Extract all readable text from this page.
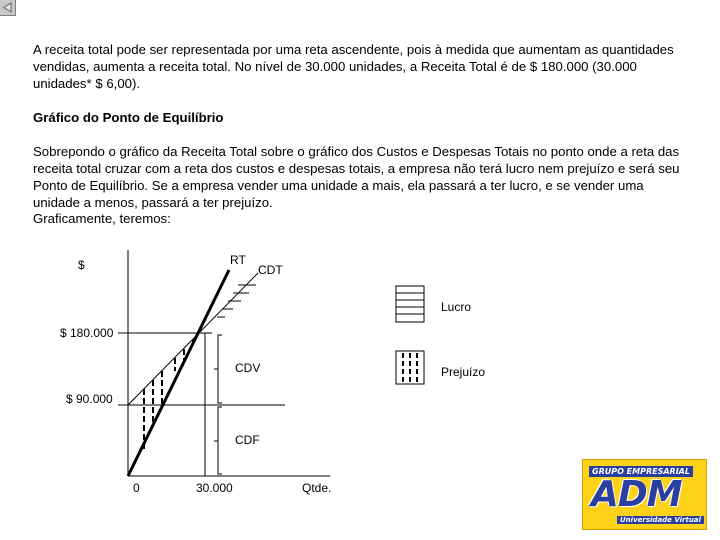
A receita total pode ser representada por uma reta ascendente, pois à medida que aumentam as quantidades vendidas, aumenta a receita total. No nível de 30.000 unidades, a Receita Total é de $ 180.000 (30.000 unidades* $ 6,00).

Gráfico do Ponto de Equilíbrio

Sobrepondo o gráfico da Receita Total sobre o gráfico dos Custos e Despesas Totais no ponto onde a reta das receita total cruzar com a reta dos custos e despesas totais, a empresa não terá lucro nem prejuízo e será seu Ponto de Equilíbrio. Se a empresa vender uma unidade a mais, ela passará a ter lucro, e se vender uma unidade a menos, passará a ter prejuízo.

Graficamente, teremos:

$	RT
CDT
Lucro
$ 180.000
CDV	Prejuízo
$ 90.000
CDF
0	30.000	Qtde.
GRUPO EMPRESARIAL
ADM
Universidade Virtual
